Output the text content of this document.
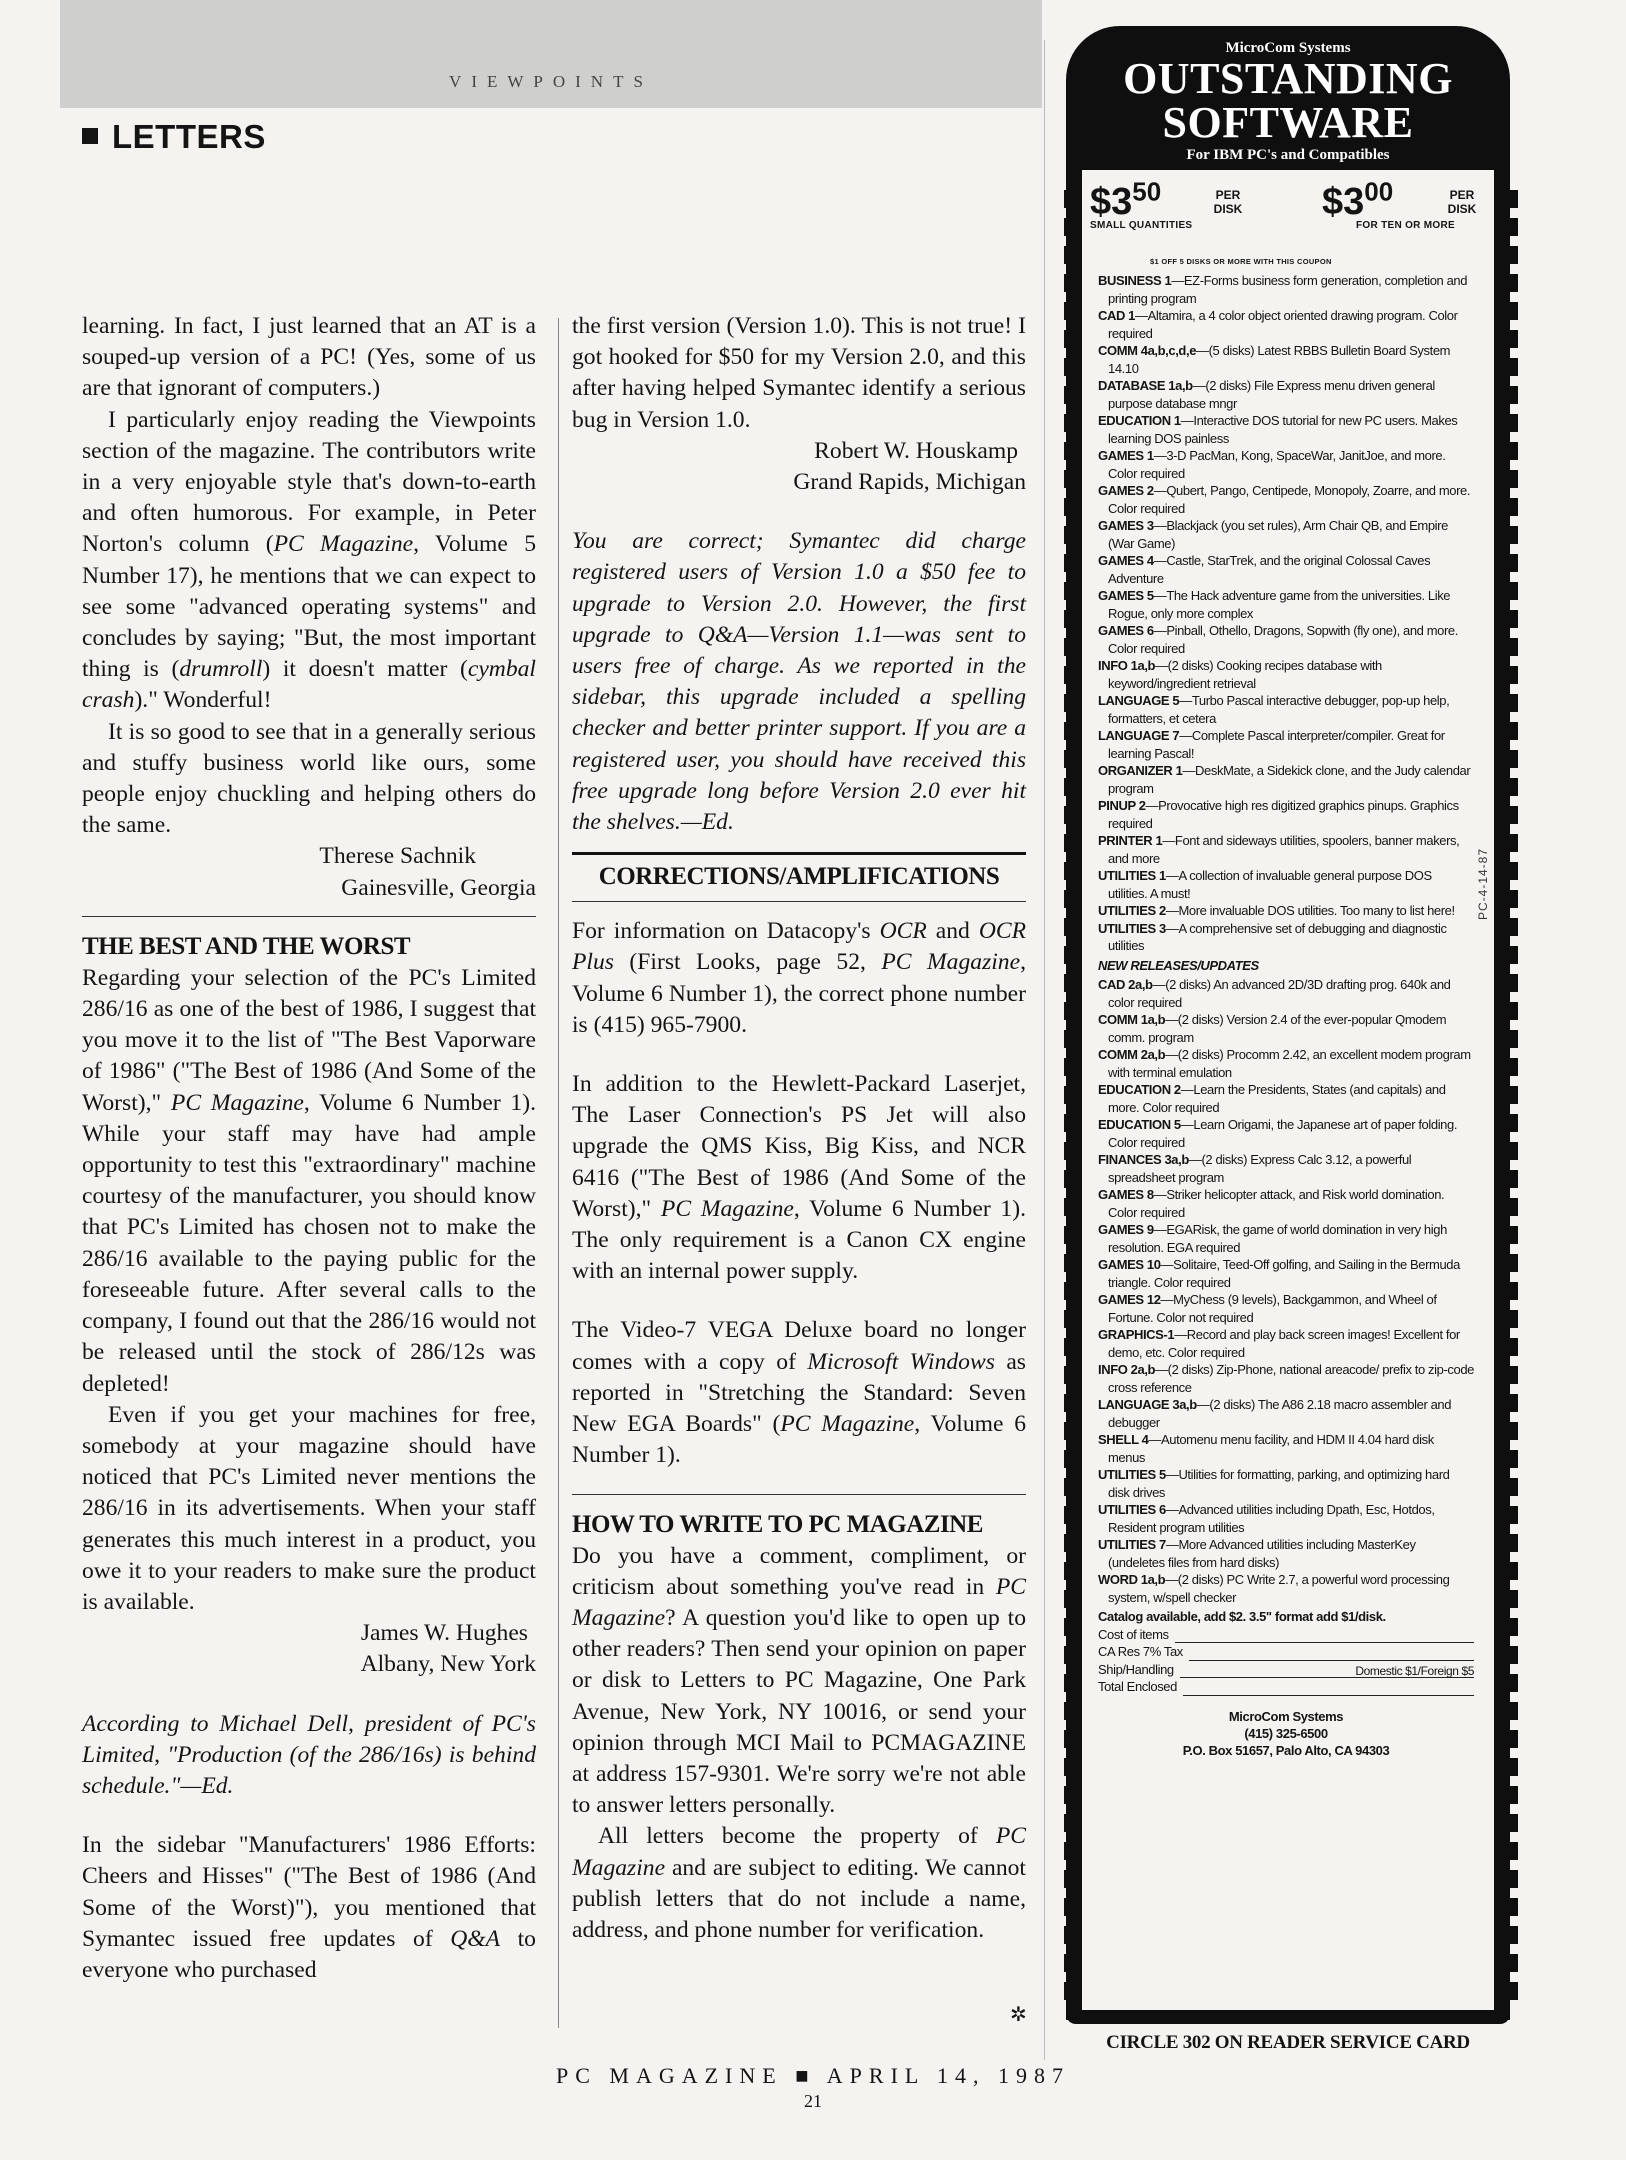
VIEWPOINTS
LETTERS

learning. In fact, I just learned that an AT is a souped-up version of a PC! (Yes, some of us are that ignorant of computers.)

I particularly enjoy reading the Viewpoints section of the magazine. The contributors write in a very enjoyable style that's down-to-earth and often humorous. For example, in Peter Norton's column (PC Magazine, Volume 5 Number 17), he mentions that we can expect to see some "advanced operating systems" and concludes by saying; "But, the most important thing is (drumroll) it doesn't matter (cymbal crash)." Wonderful!

It is so good to see that in a generally serious and stuffy business world like ours, some people enjoy chuckling and helping others do the same.

Therese Sachnik

Gainesville, Georgia

THE BEST AND THE WORST

Regarding your selection of the PC's Limited 286/16 as one of the best of 1986, I suggest that you move it to the list of "The Best Vaporware of 1986" ("The Best of 1986 (And Some of the Worst)," PC Magazine, Volume 6 Number 1). While your staff may have had ample opportunity to test this "extraordinary" machine courtesy of the manufacturer, you should know that PC's Limited has chosen not to make the 286/16 available to the paying public for the foreseeable future. After several calls to the company, I found out that the 286/16 would not be released until the stock of 286/12s was depleted!

Even if you get your machines for free, somebody at your magazine should have noticed that PC's Limited never mentions the 286/16 in its advertisements. When your staff generates this much interest in a product, you owe it to your readers to make sure the product is available.

James W. Hughes

Albany, New York

According to Michael Dell, president of PC's Limited, "Production (of the 286/16s) is behind schedule."—Ed.

In the sidebar "Manufacturers' 1986 Efforts: Cheers and Hisses" ("The Best of 1986 (And Some of the Worst)"), you mentioned that Symantec issued free updates of Q&A to everyone who purchased

the first version (Version 1.0). This is not true! I got hooked for $50 for my Version 2.0, and this after having helped Symantec identify a serious bug in Version 1.0.

Robert W. Houskamp

Grand Rapids, Michigan

You are correct; Symantec did charge registered users of Version 1.0 a $50 fee to upgrade to Version 2.0. However, the first upgrade to Q&A—Version 1.1—was sent to users free of charge. As we reported in the sidebar, this upgrade included a spelling checker and better printer support. If you are a registered user, you should have received this free upgrade long before Version 2.0 ever hit the shelves.—Ed.

CORRECTIONS/AMPLIFICATIONS

For information on Datacopy's OCR and OCR Plus (First Looks, page 52, PC Magazine, Volume 6 Number 1), the correct phone number is (415) 965-7900.

In addition to the Hewlett-Packard Laserjet, The Laser Connection's PS Jet will also upgrade the QMS Kiss, Big Kiss, and NCR 6416 ("The Best of 1986 (And Some of the Worst)," PC Magazine, Volume 6 Number 1). The only requirement is a Canon CX engine with an internal power supply.

The Video-7 VEGA Deluxe board no longer comes with a copy of Microsoft Windows as reported in "Stretching the Standard: Seven New EGA Boards" (PC Magazine, Volume 6 Number 1).

HOW TO WRITE TO PC MAGAZINE

Do you have a comment, compliment, or criticism about something you've read in PC Magazine? A question you'd like to open up to other readers? Then send your opinion on paper or disk to Letters to PC Magazine, One Park Avenue, New York, NY 10016, or send your opinion through MCI Mail to PCMAGAZINE at address 157-9301. We're sorry we're not able to answer letters personally.

All letters become the property of PC Magazine and are subject to editing. We cannot publish letters that do not include a name, address, and phone number for verification.

✲
MicroCom Systems
OUTSTANDING
SOFTWARE
For IBM PC's and Compatibles
$\$3^{50}$	PER DISK
SMALL QUANTITIES
$\$3^{00}$	PER DISK
FOR TEN OR MORE
$1 OFF 5 DISKS OR MORE WITH THIS COUPON
BUSINESS 1—EZ-Forms business form generation, completion and printing program
CAD 1—Altamira, a 4 color object oriented drawing program. Color required
COMM 4a,b,c,d,e—(5 disks) Latest RBBS Bulletin Board System 14.10
DATABASE 1a,b—(2 disks) File Express menu driven general purpose database mngr
EDUCATION 1—Interactive DOS tutorial for new PC users. Makes learning DOS painless
GAMES 1—3-D PacMan, Kong, SpaceWar, JanitJoe, and more. Color required
GAMES 2—Qubert, Pango, Centipede, Monopoly, Zoarre, and more. Color required
GAMES 3—Blackjack (you set rules), Arm Chair QB, and Empire (War Game)
GAMES 4—Castle, StarTrek, and the original Colossal Caves Adventure
GAMES 5—The Hack adventure game from the universities. Like Rogue, only more complex
GAMES 6—Pinball, Othello, Dragons, Sopwith (fly one), and more. Color required
INFO 1a,b—(2 disks) Cooking recipes database with keyword/ingredient retrieval
LANGUAGE 5—Turbo Pascal interactive debugger, pop-up help, formatters, et cetera
LANGUAGE 7—Complete Pascal interpreter/compiler. Great for learning Pascal!
ORGANIZER 1—DeskMate, a Sidekick clone, and the Judy calendar program
PINUP 2—Provocative high res digitized graphics pinups. Graphics required
PRINTER 1—Font and sideways utilities, spoolers, banner makers, and more
UTILITIES 1—A collection of invaluable general purpose DOS utilities. A must!
UTILITIES 2—More invaluable DOS utilities. Too many to list here!
UTILITIES 3—A comprehensive set of debugging and diagnostic utilities
NEW RELEASES/UPDATES
CAD 2a,b—(2 disks) An advanced 2D/3D drafting prog. 640k and color required
COMM 1a,b—(2 disks) Version 2.4 of the ever-popular Qmodem comm. program
COMM 2a,b—(2 disks) Procomm 2.42, an excellent modem program with terminal emulation
EDUCATION 2—Learn the Presidents, States (and capitals) and more. Color required
EDUCATION 5—Learn Origami, the Japanese art of paper folding. Color required
FINANCES 3a,b—(2 disks) Express Calc 3.12, a powerful spreadsheet program
GAMES 8—Striker helicopter attack, and Risk world domination. Color required
GAMES 9—EGARisk, the game of world domination in very high resolution. EGA required
GAMES 10—Solitaire, Teed-Off golfing, and Sailing in the Bermuda triangle. Color required
GAMES 12—MyChess (9 levels), Backgammon, and Wheel of Fortune. Color not required
GRAPHICS-1—Record and play back screen images! Excellent for demo, etc. Color required
INFO 2a,b—(2 disks) Zip-Phone, national areacode/ prefix to zip-code cross reference
LANGUAGE 3a,b—(2 disks) The A86 2.18 macro assembler and debugger
SHELL 4—Automenu menu facility, and HDM II 4.04 hard disk menus
UTILITIES 5—Utilities for formatting, parking, and optimizing hard disk drives
UTILITIES 6—Advanced utilities including Dpath, Esc, Hotdos, Resident program utilities
UTILITIES 7—More Advanced utilities including MasterKey (undeletes files from hard disks)
WORD 1a,b—(2 disks) PC Write 2.7, a powerful word processing system, w/spell checker
Catalog available, add $2. 3.5" format add $1/disk.
Cost of items
CA Res 7% Tax
Ship/Handling	Domestic $1/Foreign $5
Total Enclosed
MicroCom Systems
(415) 325-6500
P.O. Box 51657, Palo Alto, CA 94303
PC-4-14-87
CIRCLE 302 ON READER SERVICE CARD
PC MAGAZINE ■ APRIL 14, 1987
21
